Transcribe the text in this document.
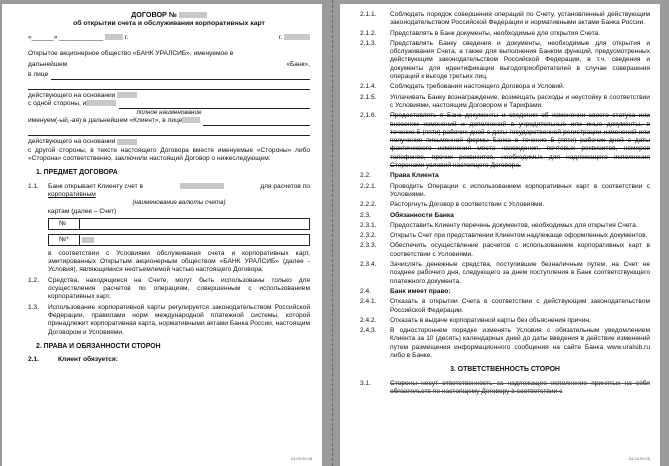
ДОГОВОР №
об открытии счета и обслуживании корпоративных карт
«______» ____________	г.	г.
Открытое акционерное общество «БАНК УРАЛСИБ», именуемое в
дальнейшем	«Банк»,
в лице
действующего на основании
с одной стороны, и
полное наименование
именуем(-ый,-ая) в дальнейшем «Клиент», в лице
действующего на основании
с другой стороны, в тексте настоящего Договора вместе именуемые «Стороны» либо «Сторона» соответственно, заключили настоящий Договор о нижеследующем:
1. ПРЕДМЕТ ДОГОВОРА
1.1.	Банк открывает Клиенту счет в	для расчетов по
корпоративным
(наименование валюты счета)
картам (далее – Счет)
№
№*
в соответствии с Условиями обслуживания счета и корпоративных карт, эмитированных Открытым акционерным обществом «БАНК УРАЛСИБ» (далее - Условия), являющимися неотъемлемой частью настоящего Договора.
1.2.	Средства, находящиеся на Счете, могут быть использованы только для осуществления расчетов по операциям, совершенным с использованием корпоративных карт.
1.3.	Использование корпоративной карты регулируется законодательством Российской Федерации, правилами норм международной платежной системы, которой принадлежит корпоративная карта, нормативными актами Банка России, настоящим Договором и Условиями.
2. ПРАВА И ОБЯЗАННОСТИ СТОРОН
2.1.	Клиент обязуется:
04.03.00.08
2.1.1.	Соблюдать порядок совершения операций по Счету, установленный действующим законодательством Российской Федерации и нормативными актами Банка России.
2.1.2.	Представлять в Банк документы, необходимые для открытия Счета.
2.1.3.	Представлять Банку сведения и документы, необходимые для открытия и обслуживания Счета, а также для выполнения Банком функций, предусмотренных действующим законодательством Российской Федерации, в т.ч. сведения и документы для идентификации выгодоприобретателей в случае совершения операций к выгоде третьих лиц.
2.1.4.	Соблюдать требования настоящего Договора и Условий.
2.1.5.	Уплачивать Банку вознаграждение, возмещать расходы и неустойку в соответствии с Условиями, настоящим Договором и Тарифами.
2.1.6.	Предоставлять в Банк документы и сведения об изменении своего статуса или внесении изменений и дополнений в учредительные или иные документы, в течение 5 (пяти) рабочих дней с даты государственной регистрации изменений или получения письменной формы Банка в течение 5 (пяти) рабочих дней с даты фактического изменения места нахождения, почтовых реквизитов, номеров телефонов, прочих реквизитов, необходимых для надлежащего исполнения Сторонами условий настоящего Договора.
2.2.	Права Клиента
2.2.1.	Проводить Операции с использованием корпоративных карт в соответствии с Условиями.
2.2.2.	Расторгнуть Договор в соответствии с Условиями.
2.3.	Обязанности Банка
2.3.1.	Предоставить Клиенту перечень документов, необходимых для открытия Счета.
2.3.2.	Открыть Счет при представлении Клиентом надлежаще оформленных документов.
2.3.3.	Обеспечить осуществление расчетов с использованием корпоративных карт в соответствии с Условиями.
2.3.4.	Зачислять денежные средства, поступившие безналичным путем, на Счет не позднее рабочего дня, следующего за днем поступления в Банк соответствующего платежного документа.
2.4.	Банк имеет право:
2.4.1.	Отказать в открытии Счета в соответствии с действующим законодательством Российской Федерации.
2.4.2.	Отказать в выдаче корпоративной карты без объяснения причин.
2.4.3.	В одностороннем порядке изменять Условия с обязательным уведомлением Клиента за 10 (десять) календарных дней до даты введения в действие изменений путем размещения информационного сообщения на сайте Банка www.uralsib.ru либо в Банке.
3. ОТВЕТСТВЕННОСТЬ СТОРОН
3.1.	Стороны несут ответственность за надлежащее исполнение принятых на себя обязательств по настоящему Договору в соответствии с
04.03.00.08
